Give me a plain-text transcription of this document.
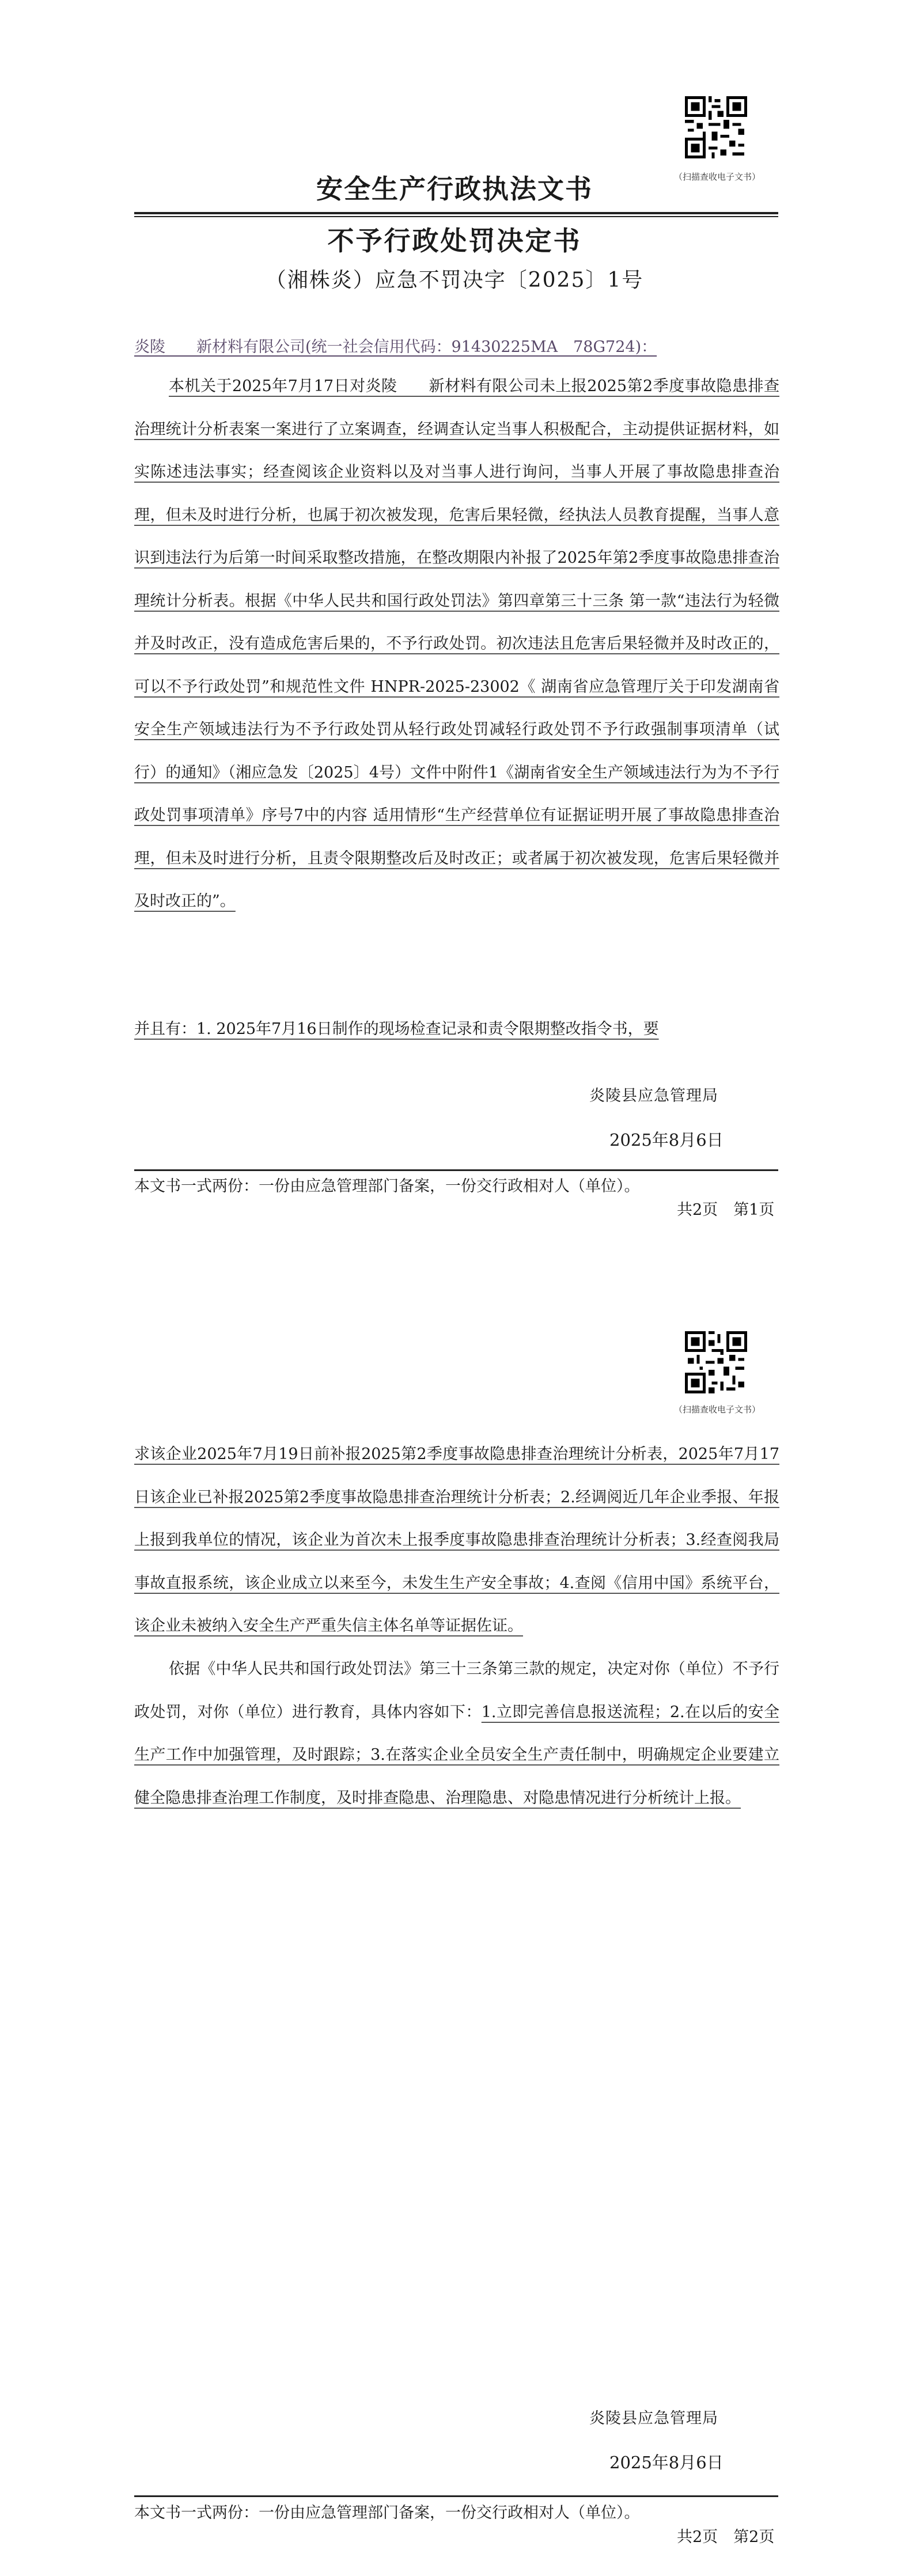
（扫描查收电子文书）
安全生产行政执法文书
不予行政处罚决定书
（湘株炎）应急不罚决字〔2025〕1号
炎陵　　新材料有限公司(统一社会信用代码：91430225MA　78G724)：

本机关于2025年7月17日对炎陵　　新材料有限公司未上报2025第2季度事故隐患排查治理统计分析表案一案进行了立案调查，经调查认定当事人积极配合，主动提供证据材料，如实陈述违法事实；经查阅该企业资料以及对当事人进行询问，当事人开展了事故隐患排查治理，但未及时进行分析，也属于初次被发现，危害后果轻微，经执法人员教育提醒，当事人意识到违法行为后第一时间采取整改措施，在整改期限内补报了2025年第2季度事故隐患排查治理统计分析表。根据《中华人民共和国行政处罚法》第四章第三十三条 第一款“违法行为轻微并及时改正，没有造成危害后果的，不予行政处罚。初次违法且危害后果轻微并及时改正的，可以不予行政处罚”和规范性文件 HNPR-2025-23002《 湖南省应急管理厅关于印发湖南省安全生产领域违法行为不予行政处罚从轻行政处罚减轻行政处罚不予行政强制事项清单（试行）的通知》（湘应急发〔2025〕4号）文件中附件1《湖南省安全生产领域违法行为为不予行政处罚事项清单》序号7中的内容 适用情形“生产经营单位有证据证明开展了事故隐患排查治理，但未及时进行分析，且责令限期整改后及时改正；或者属于初次被发现，危害后果轻微并及时改正的”。

并且有：1. 2025年7月16日制作的现场检查记录和责令限期整改指令书，要

炎陵县应急管理局
2025年8月6日
本文书一式两份：一份由应急管理部门备案，一份交行政相对人（单位）。
共2页　第1页
（扫描查收电子文书）

求该企业2025年7月19日前补报2025第2季度事故隐患排查治理统计分析表，2025年7月17日该企业已补报2025第2季度事故隐患排查治理统计分析表；2.经调阅近几年企业季报、年报上报到我单位的情况，该企业为首次未上报季度事故隐患排查治理统计分析表；3.经查阅我局事故直报系统，该企业成立以来至今，未发生生产安全事故；4.查阅《信用中国》系统平台，该企业未被纳入安全生产严重失信主体名单等证据佐证。

依据《中华人民共和国行政处罚法》第三十三条第三款的规定，决定对你（单位）不予行政处罚，对你（单位）进行教育，具体内容如下：1.立即完善信息报送流程；2.在以后的安全生产工作中加强管理，及时跟踪；3.在落实企业全员安全生产责任制中，明确规定企业要建立健全隐患排查治理工作制度，及时排查隐患、治理隐患、对隐患情况进行分析统计上报。

炎陵县应急管理局
2025年8月6日
本文书一式两份：一份由应急管理部门备案，一份交行政相对人（单位）。
共2页　第2页
